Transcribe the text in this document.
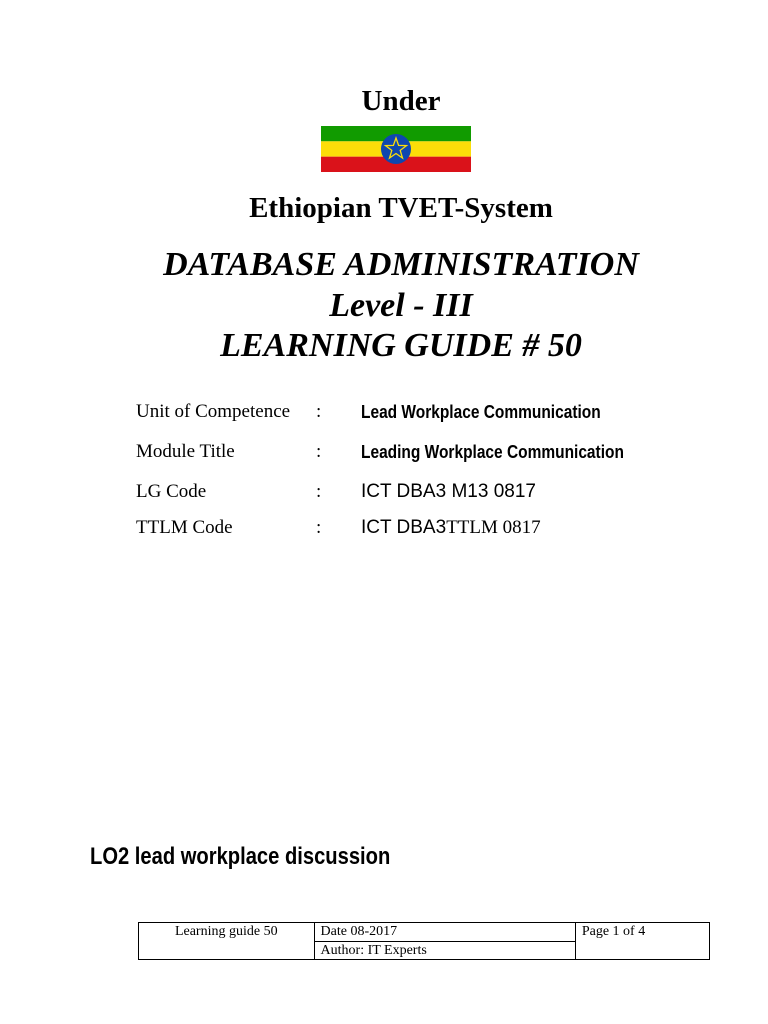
Under
Ethiopian TVET-System
DATABASE ADMINISTRATION
Level - III
LEARNING GUIDE # 50
Unit of Competence : Lead Workplace Communication
Module Title	: Leading Workplace Communication
LG Code	: ICT DBA3 M13 0817
TTLM Code	: ICT DBA3TTLM 0817
LO2 lead workplace discussion
Learning guide 50	Date 08-2017	Page 1 of 4
Author: IT Experts
